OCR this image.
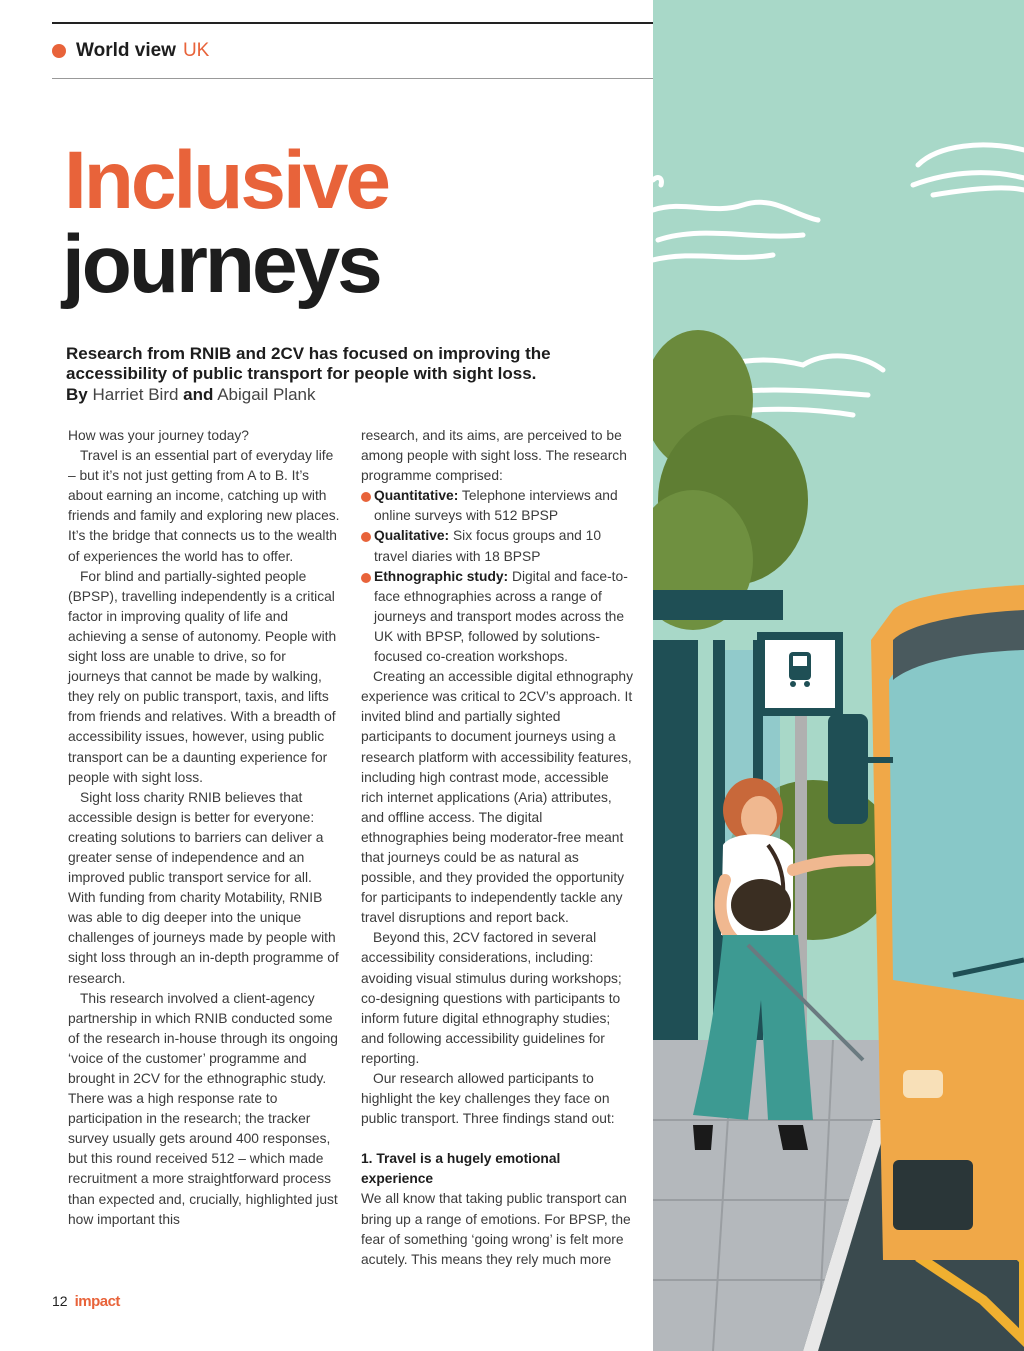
World view UK
Inclusive
journeys
Research from RNIB and 2CV has focused on improving the accessibility of public transport for people with sight loss.
By Harriet Bird and Abigail Plank

How was your journey today?

Travel is an essential part of everyday life – but it’s not just getting from A to B. It’s about earning an income, catching up with friends and family and exploring new places. It’s the bridge that connects us to the wealth of experiences the world has to offer.

For blind and partially-sighted people (BPSP), travelling independently is a critical factor in improving quality of life and achieving a sense of autonomy. People with sight loss are unable to drive, so for journeys that cannot be made by walking, they rely on public transport, taxis, and lifts from friends and relatives. With a breadth of accessibility issues, however, using public transport can be a daunting experience for people with sight loss.

Sight loss charity RNIB believes that accessible design is better for everyone: creating solutions to barriers can deliver a greater sense of independence and an improved public transport service for all. With funding from charity Motability, RNIB was able to dig deeper into the unique challenges of journeys made by people with sight loss through an in-depth programme of research.

This research involved a client-agency partnership in which RNIB conducted some of the research in-house through its ongoing ‘voice of the customer’ programme and brought in 2CV for the ethnographic study. There was a high response rate to participation in the research; the tracker survey usually gets around 400 responses, but this round received 512 – which made recruitment a more straightforward process than expected and, crucially, highlighted just how important this

research, and its aims, are perceived to be among people with sight loss. The research programme comprised:

Quantitative: Telephone interviews and online surveys with 512 BPSP
Qualitative: Six focus groups and 10 travel diaries with 18 BPSP
Ethnographic study: Digital and face-to-face ethnographies across a range of journeys and transport modes across the UK with BPSP, followed by solutions-focused co-creation workshops.

Creating an accessible digital ethnography experience was critical to 2CV’s approach. It invited blind and partially sighted participants to document journeys using a research platform with accessibility features, including high contrast mode, accessible rich internet applications (Aria) attributes, and offline access. The digital ethnographies being moderator-free meant that journeys could be as natural as possible, and they provided the opportunity for participants to independently tackle any travel disruptions and report back.

Beyond this, 2CV factored in several accessibility considerations, including: avoiding visual stimulus during workshops; co-designing questions with participants to inform future digital ethnography studies; and following accessibility guidelines for reporting.

Our research allowed participants to highlight the key challenges they face on public transport. Three findings stand out:

1. Travel is a hugely emotional experience

We all know that taking public transport can bring up a range of emotions. For BPSP, the fear of something ‘going wrong’ is felt more acutely. This means they rely much more

12 impact
